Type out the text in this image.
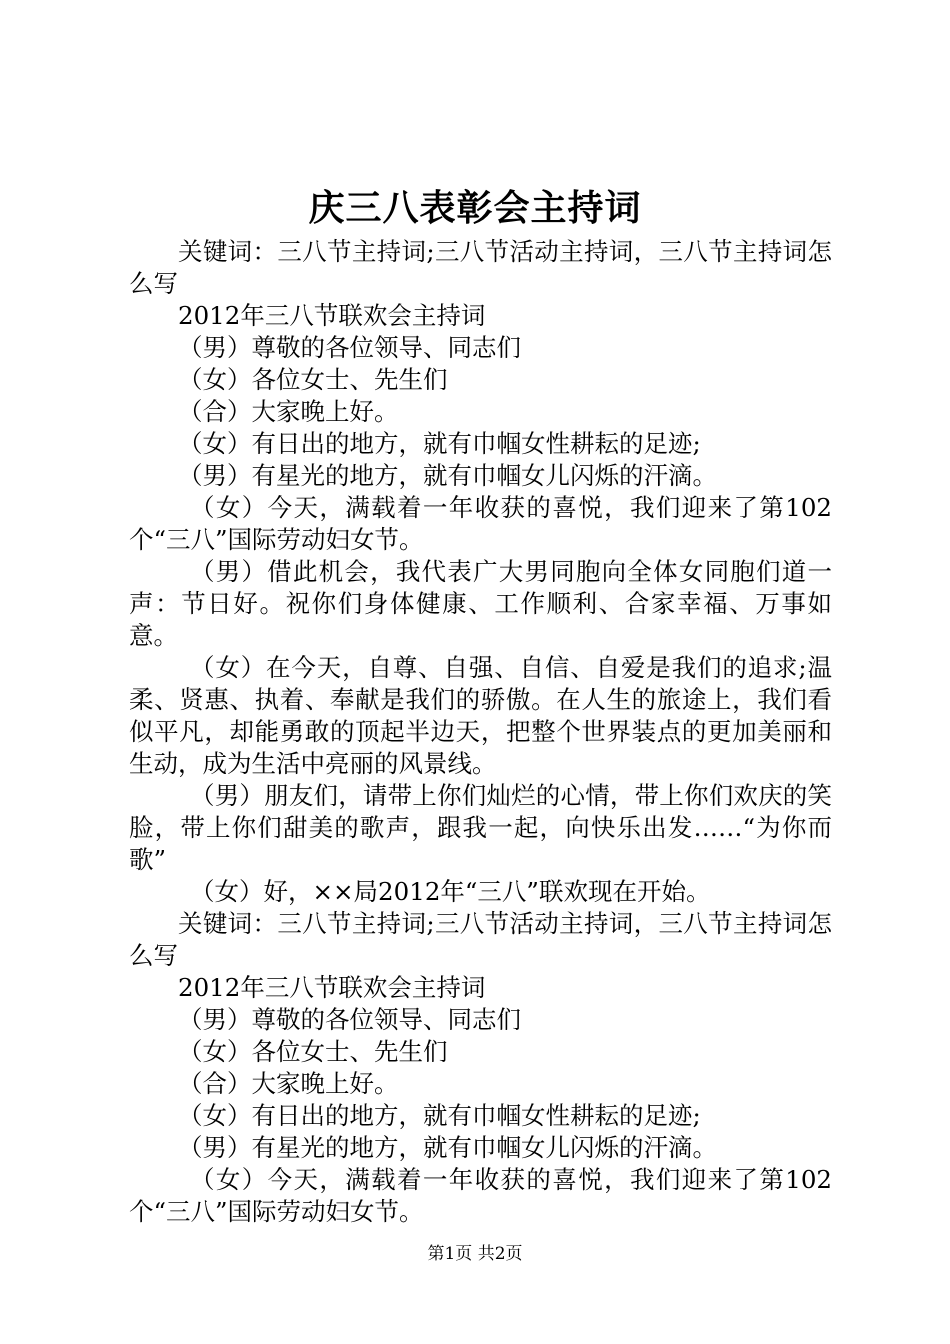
庆三八表彰会主持词

关键词：三八节主持词;三八节活动主持词，三八节主持词怎么写

2012年三八节联欢会主持词

（男）尊敬的各位领导、同志们

（女）各位女士、先生们

（合）大家晚上好。

（女）有日出的地方，就有巾帼女性耕耘的足迹;

（男）有星光的地方，就有巾帼女儿闪烁的汗滴。

（女）今天，满载着一年收获的喜悦，我们迎来了第102个“三八”国际劳动妇女节。

（男）借此机会，我代表广大男同胞向全体女同胞们道一声：节日好。祝你们身体健康、工作顺利、合家幸福、万事如意。

（女）在今天，自尊、自强、自信、自爱是我们的追求;温柔、贤惠、执着、奉献是我们的骄傲。在人生的旅途上，我们看似平凡，却能勇敢的顶起半边天，把整个世界装点的更加美丽和生动，成为生活中亮丽的风景线。

（男）朋友们，请带上你们灿烂的心情，带上你们欢庆的笑脸，带上你们甜美的歌声，跟我一起，向快乐出发……“为你而歌”

（女）好，××局2012年“三八”联欢现在开始。

关键词：三八节主持词;三八节活动主持词，三八节主持词怎么写

2012年三八节联欢会主持词

（男）尊敬的各位领导、同志们

（女）各位女士、先生们

（合）大家晚上好。

（女）有日出的地方，就有巾帼女性耕耘的足迹;

（男）有星光的地方，就有巾帼女儿闪烁的汗滴。

（女）今天，满载着一年收获的喜悦，我们迎来了第102个“三八”国际劳动妇女节。

第1页 共2页
